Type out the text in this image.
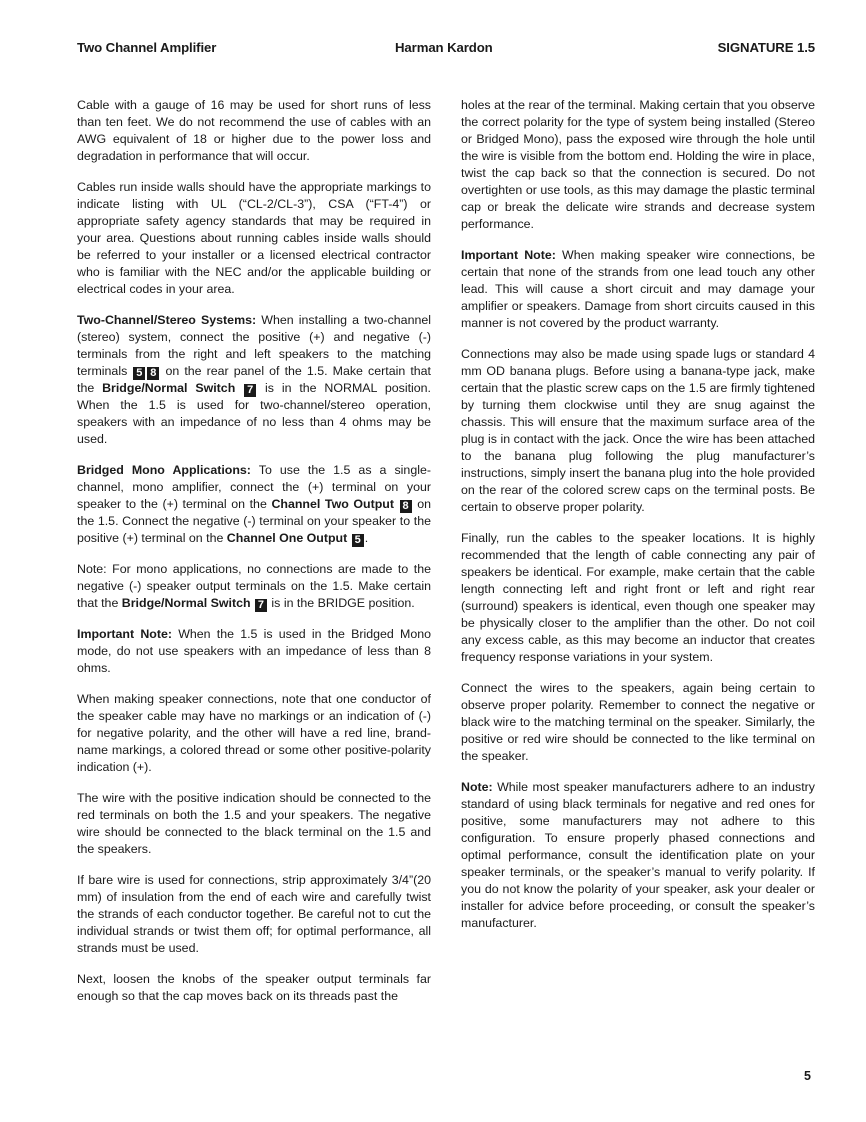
Two Channel Amplifier	Harman Kardon	SIGNATURE 1.5

Cable with a gauge of 16 may be used for short runs of less than ten feet. We do not recommend the use of cables with an AWG equivalent of 18 or higher due to the power loss and degradation in performance that will occur.

Cables run inside walls should have the appropriate markings to indicate listing with UL (“CL-2/CL-3”), CSA (“FT-4”) or appropriate safety agency standards that may be required in your area. Questions about running cables inside walls should be referred to your installer or a licensed electrical contractor who is familiar with the NEC and/or the applicable building or electrical codes in your area.

Two-Channel/Stereo Systems: When installing a two-channel (stereo) system, connect the positive (+) and negative (-) terminals from the right and left speakers to the matching terminals 5 8 on the rear panel of the 1.5. Make certain that the Bridge/Normal Switch 7 is in the NORMAL position. When the 1.5 is used for two-channel/stereo operation, speakers with an impedance of no less than 4 ohms may be used.

Bridged Mono Applications: To use the 1.5 as a single-channel, mono amplifier, connect the (+) terminal on your speaker to the (+) terminal on the Channel Two Output 8 on the 1.5. Connect the negative (-) terminal on your speaker to the positive (+) terminal on the Channel One Output 5 .

Note: For mono applications, no connections are made to the negative (-) speaker output terminals on the 1.5. Make certain that the Bridge/Normal Switch 7 is in the BRIDGE position.

Important Note: When the 1.5 is used in the Bridged Mono mode, do not use speakers with an impedance of less than 8 ohms.

When making speaker connections, note that one conductor of the speaker cable may have no markings or an indication of (-) for negative polarity, and the other will have a red line, brand-name markings, a colored thread or some other positive-polarity indication (+).

The wire with the positive indication should be connected to the red terminals on both the 1.5 and your speakers. The negative wire should be connected to the black terminal on the 1.5 and the speakers.

If bare wire is used for connections, strip approximately 3/4”(20 mm) of insulation from the end of each wire and carefully twist the strands of each conductor together. Be careful not to cut the individual strands or twist them off; for optimal performance, all strands must be used.

Next, loosen the knobs of the speaker output terminals far enough so that the cap moves back on its threads past the

holes at the rear of the terminal. Making certain that you observe the correct polarity for the type of system being installed (Stereo or Bridged Mono), pass the exposed wire through the hole until the wire is visible from the bottom end. Holding the wire in place, twist the cap back so that the connection is secured. Do not overtighten or use tools, as this may damage the plastic terminal cap or break the delicate wire strands and decrease system performance.

Important Note: When making speaker wire connections, be certain that none of the strands from one lead touch any other lead. This will cause a short circuit and may damage your amplifier or speakers. Damage from short circuits caused in this manner is not covered by the product warranty.

Connections may also be made using spade lugs or standard 4 mm OD banana plugs. Before using a banana-type jack, make certain that the plastic screw caps on the 1.5 are firmly tightened by turning them clockwise until they are snug against the chassis. This will ensure that the maximum surface area of the plug is in contact with the jack. Once the wire has been attached to the banana plug following the plug manufacturer’s instructions, simply insert the banana plug into the hole provided on the rear of the colored screw caps on the terminal posts. Be certain to observe proper polarity.

Finally, run the cables to the speaker locations. It is highly recommended that the length of cable connecting any pair of speakers be identical. For example, make certain that the cable length connecting left and right front or left and right rear (surround) speakers is identical, even though one speaker may be physically closer to the amplifier than the other. Do not coil any excess cable, as this may become an inductor that creates frequency response variations in your system.

Connect the wires to the speakers, again being certain to observe proper polarity. Remember to connect the negative or black wire to the matching terminal on the speaker. Similarly, the positive or red wire should be connected to the like terminal on the speaker.

Note: While most speaker manufacturers adhere to an industry standard of using black terminals for negative and red ones for positive, some manufacturers may not adhere to this configuration. To ensure properly phased connections and optimal performance, consult the identification plate on your speaker terminals, or the speaker’s manual to verify polarity. If you do not know the polarity of your speaker, ask your dealer or installer for advice before proceeding, or consult the speaker’s manufacturer.

5
